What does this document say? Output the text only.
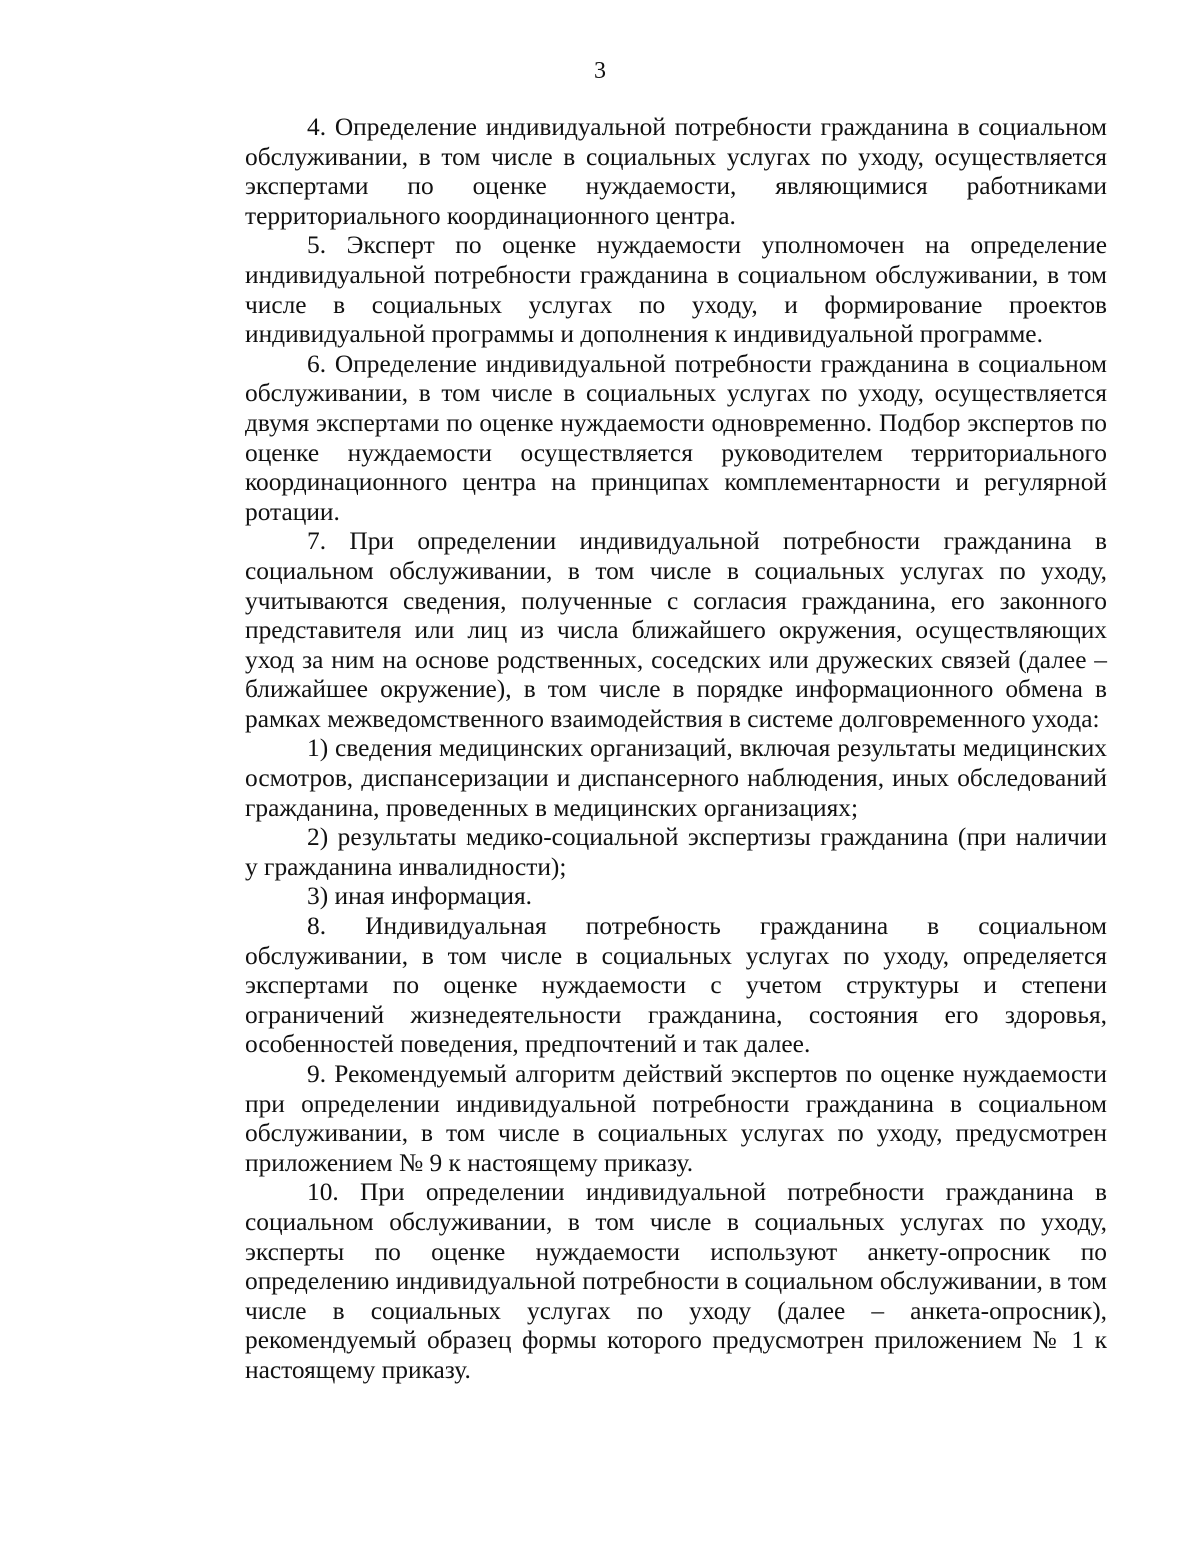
3

4. Определение индивидуальной потребности гражданина в социальном обслуживании, в том числе в социальных услугах по уходу, осуществляется экспертами по оценке нуждаемости, являющимися работниками территориального координационного центра.

5. Эксперт по оценке нуждаемости уполномочен на определение индивидуальной потребности гражданина в социальном обслуживании, в том числе в социальных услугах по уходу, и формирование проектов индивидуальной программы и дополнения к индивидуальной программе.

6. Определение индивидуальной потребности гражданина в социальном обслуживании, в том числе в социальных услугах по уходу, осуществляется двумя экспертами по оценке нуждаемости одновременно. Подбор экспертов по оценке нуждаемости осуществляется руководителем территориального координационного центра на принципах комплементарности и регулярной ротации.

7. При определении индивидуальной потребности гражданина в социальном обслуживании, в том числе в социальных услугах по уходу, учитываются сведения, полученные с согласия гражданина, его законного представителя или лиц из числа ближайшего окружения, осуществляющих уход за ним на основе родственных, соседских или дружеских связей (далее – ближайшее окружение), в том числе в порядке информационного обмена в рамках межведомственного взаимодействия в системе долговременного ухода:

1) сведения медицинских организаций, включая результаты медицинских осмотров, диспансеризации и диспансерного наблюдения, иных обследований гражданина, проведенных в медицинских организациях;

2) результаты медико-социальной экспертизы гражданина (при наличии у гражданина инвалидности);

3) иная информация.

8. Индивидуальная потребность гражданина в социальном обслуживании, в том числе в социальных услугах по уходу, определяется экспертами по оценке нуждаемости с учетом структуры и степени ограничений жизнедеятельности гражданина, состояния его здоровья, особенностей поведения, предпочтений и так далее.

9. Рекомендуемый алгоритм действий экспертов по оценке нуждаемости при определении индивидуальной потребности гражданина в социальном обслуживании, в том числе в социальных услугах по уходу, предусмотрен приложением № 9 к настоящему приказу.

10. При определении индивидуальной потребности гражданина в социальном обслуживании, в том числе в социальных услугах по уходу, эксперты по оценке нуждаемости используют анкету-опросник по определению индивидуальной потребности в социальном обслуживании, в том числе в социальных услугах по уходу (далее – анкета-опросник), рекомендуемый образец формы которого предусмотрен приложением № 1 к настоящему приказу.
